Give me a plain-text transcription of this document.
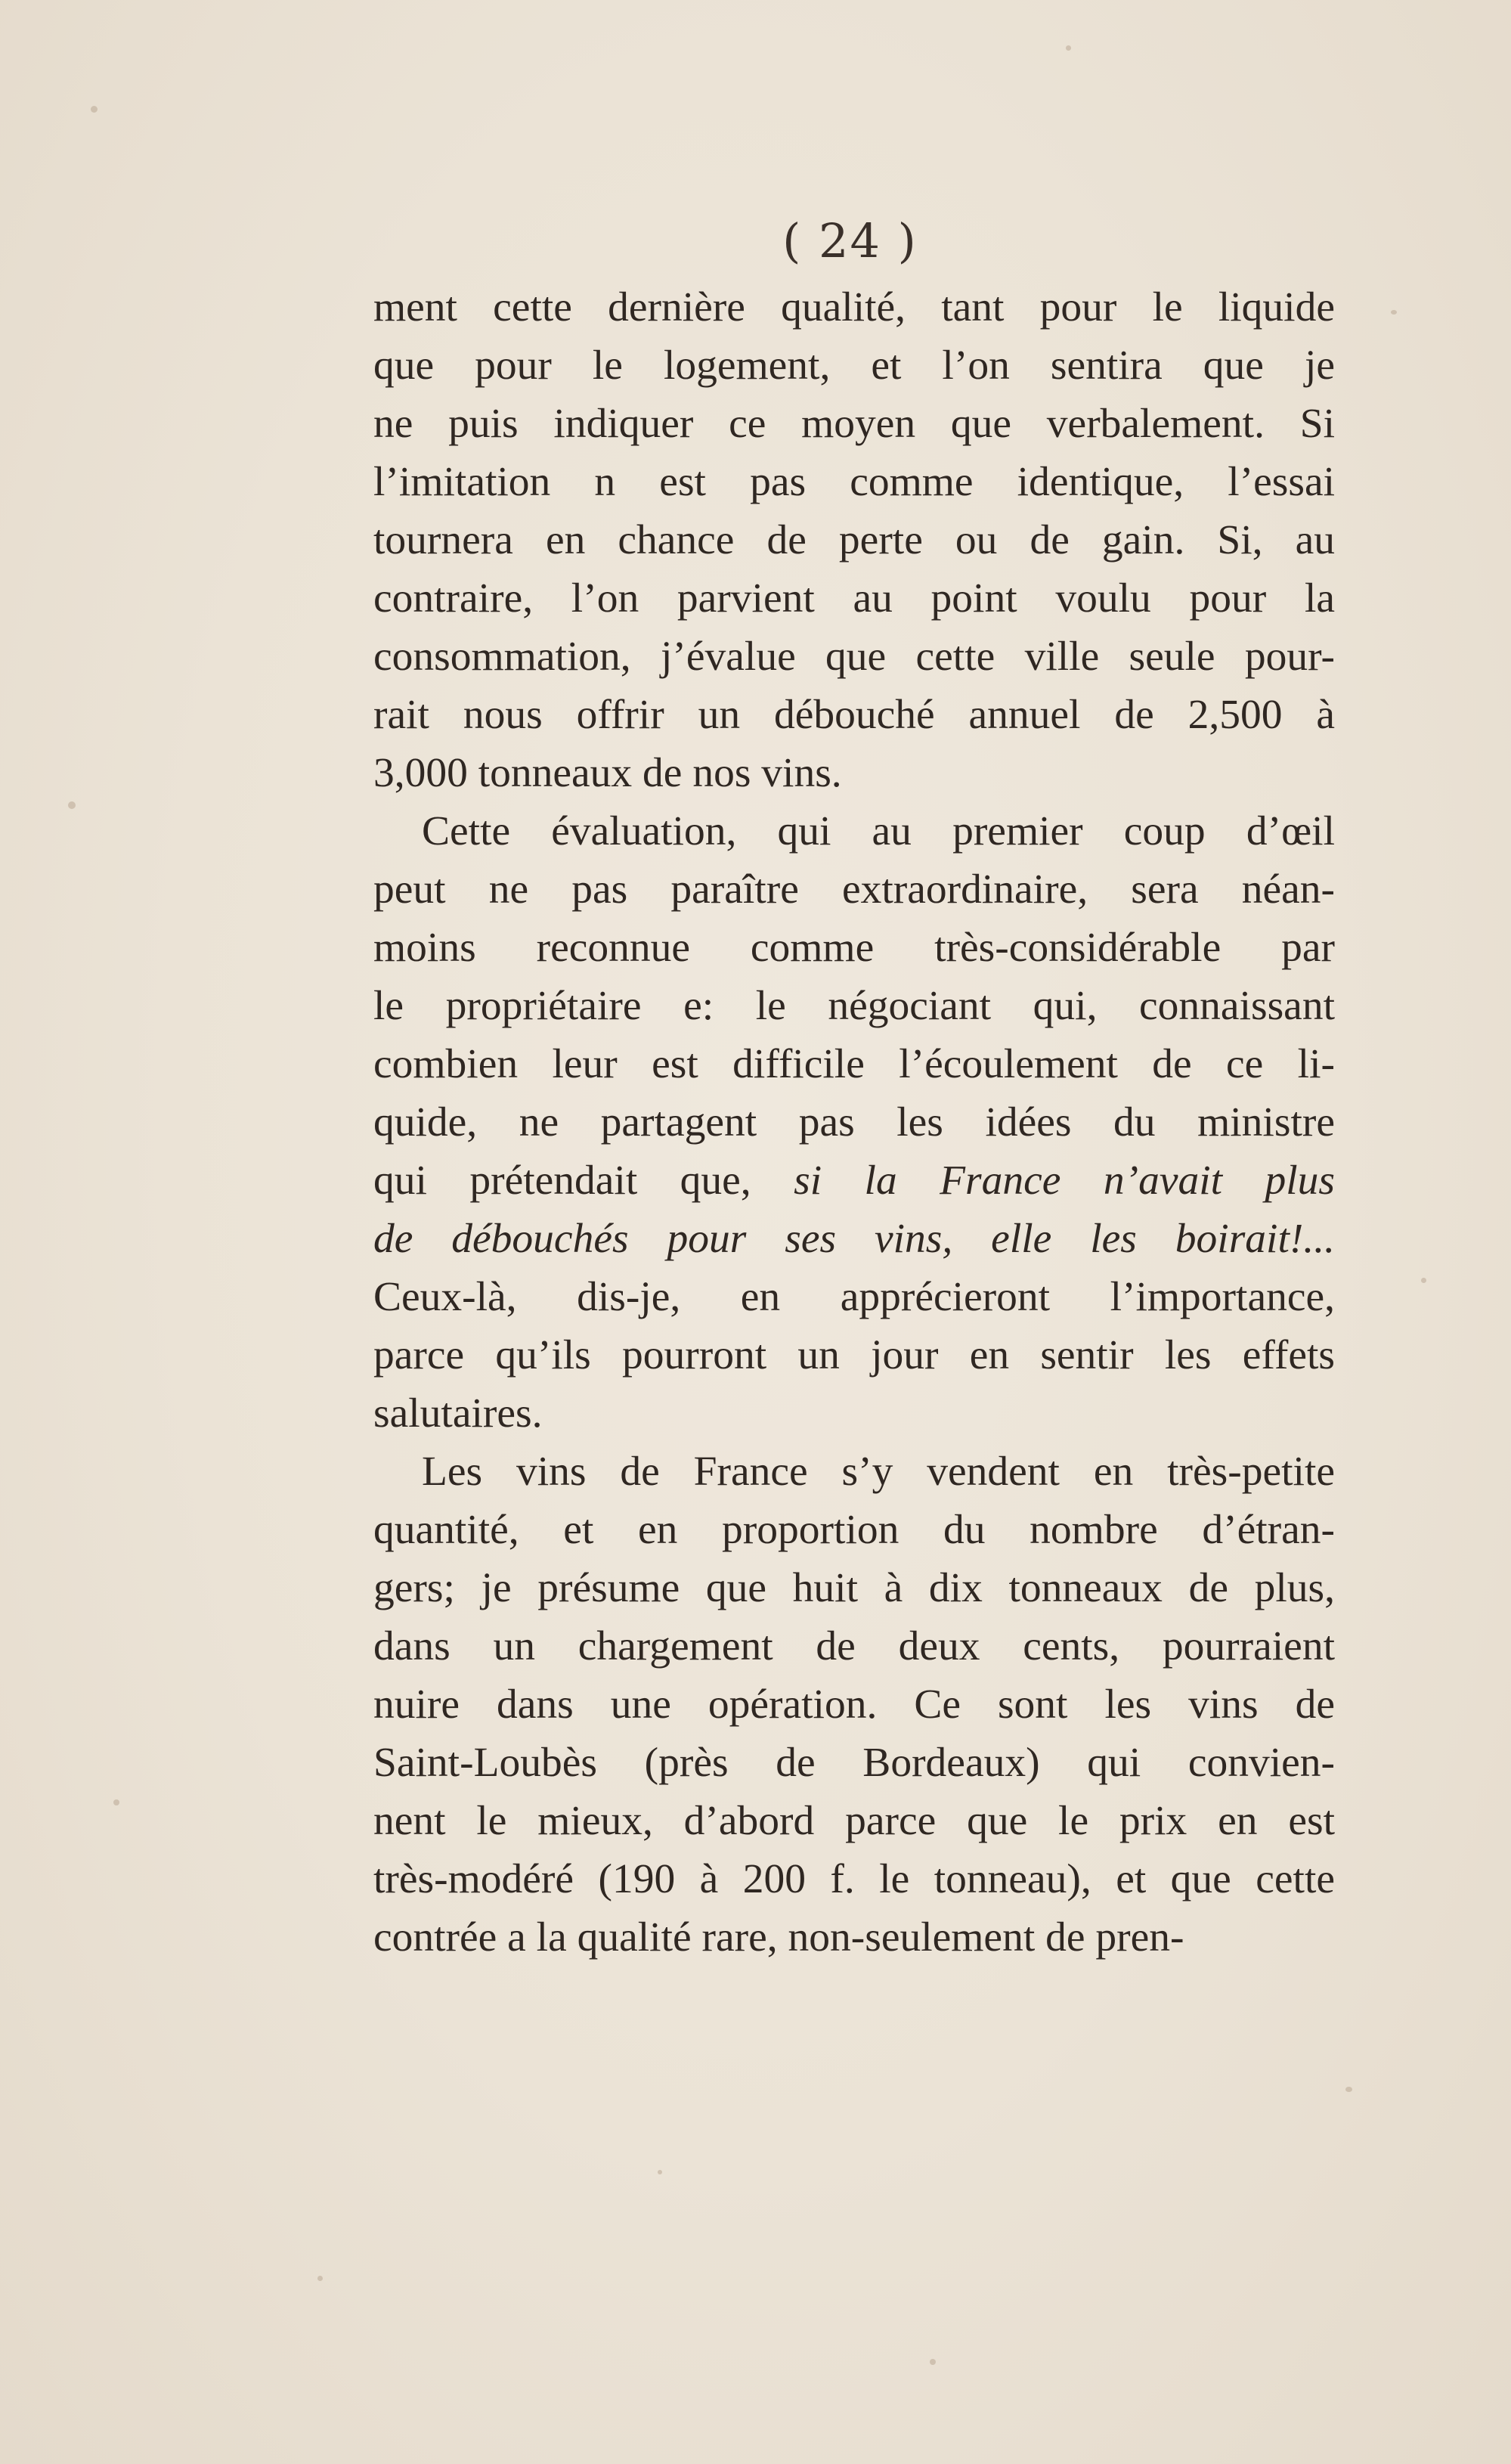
( 24 )
ment cette dernière qualité, tant pour le liquide
que pour le logement, et l’on sentira que je
ne puis indiquer ce moyen que verbalement. Si
l’imitation n est pas comme identique, l’essai
tournera en chance de perte ou de gain. Si, au
contraire, l’on parvient au point voulu pour la
consommation, j’évalue que cette ville seule pour-
rait nous offrir un débouché annuel de 2,500 à
3,000 tonneaux de nos vins.
Cette évaluation, qui au premier coup d’œil
peut ne pas paraître extraordinaire, sera néan-
moins reconnue comme très-considérable par
le propriétaire e: le négociant qui, connaissant
combien leur est difficile l’écoulement de ce li-
quide, ne partagent pas les idées du ministre
qui prétendait que, si la France n’avait plus
de débouchés pour ses vins, elle les boirait!...
Ceux-là, dis-je, en apprécieront l’importance,
parce qu’ils pourront un jour en sentir les effets
salutaires.
Les vins de France s’y vendent en très-petite
quantité, et en proportion du nombre d’étran-
gers; je présume que huit à dix tonneaux de plus,
dans un chargement de deux cents, pourraient
nuire dans une opération. Ce sont les vins de
Saint-Loubès (près de Bordeaux) qui convien-
nent le mieux, d’abord parce que le prix en est
très-modéré (190 à 200 f. le tonneau), et que cette
contrée a la qualité rare, non-seulement de pren-
